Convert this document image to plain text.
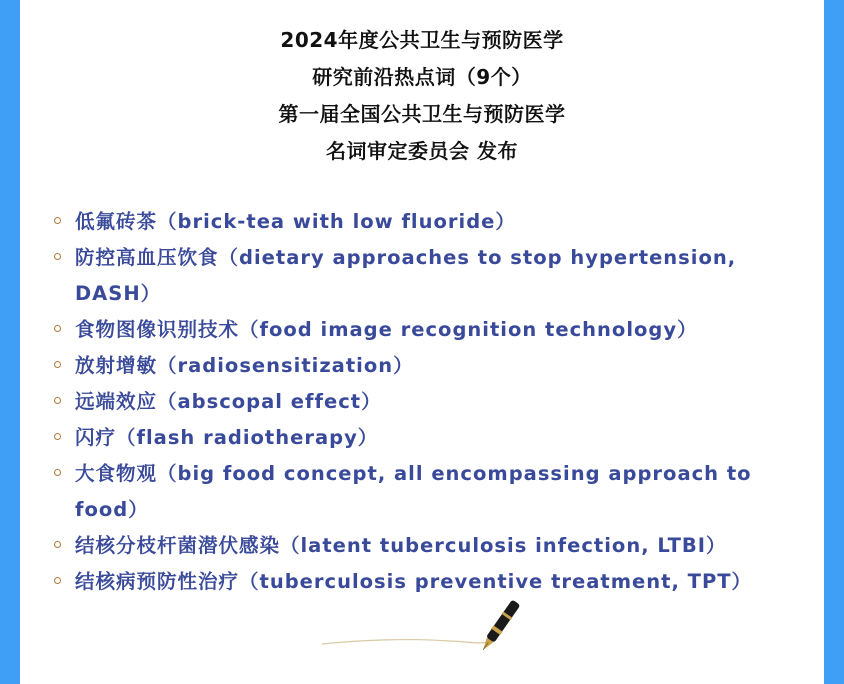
2024年度公共卫生与预防医学
研究前沿热点词（9个）
第一届全国公共卫生与预防医学
名词审定委员会 发布
低氟砖茶（brick-tea with low fluoride）
防控高血压饮食（dietary approaches to stop hypertension, DASH）
食物图像识别技术（food image recognition technology）
放射增敏（radiosensitization）
远端效应（abscopal effect）
闪疗（flash radiotherapy）
大食物观（big food concept, all encompassing approach to food）
结核分枝杆菌潜伏感染（latent tuberculosis infection, LTBI）
结核病预防性治疗（tuberculosis preventive treatment, TPT）
